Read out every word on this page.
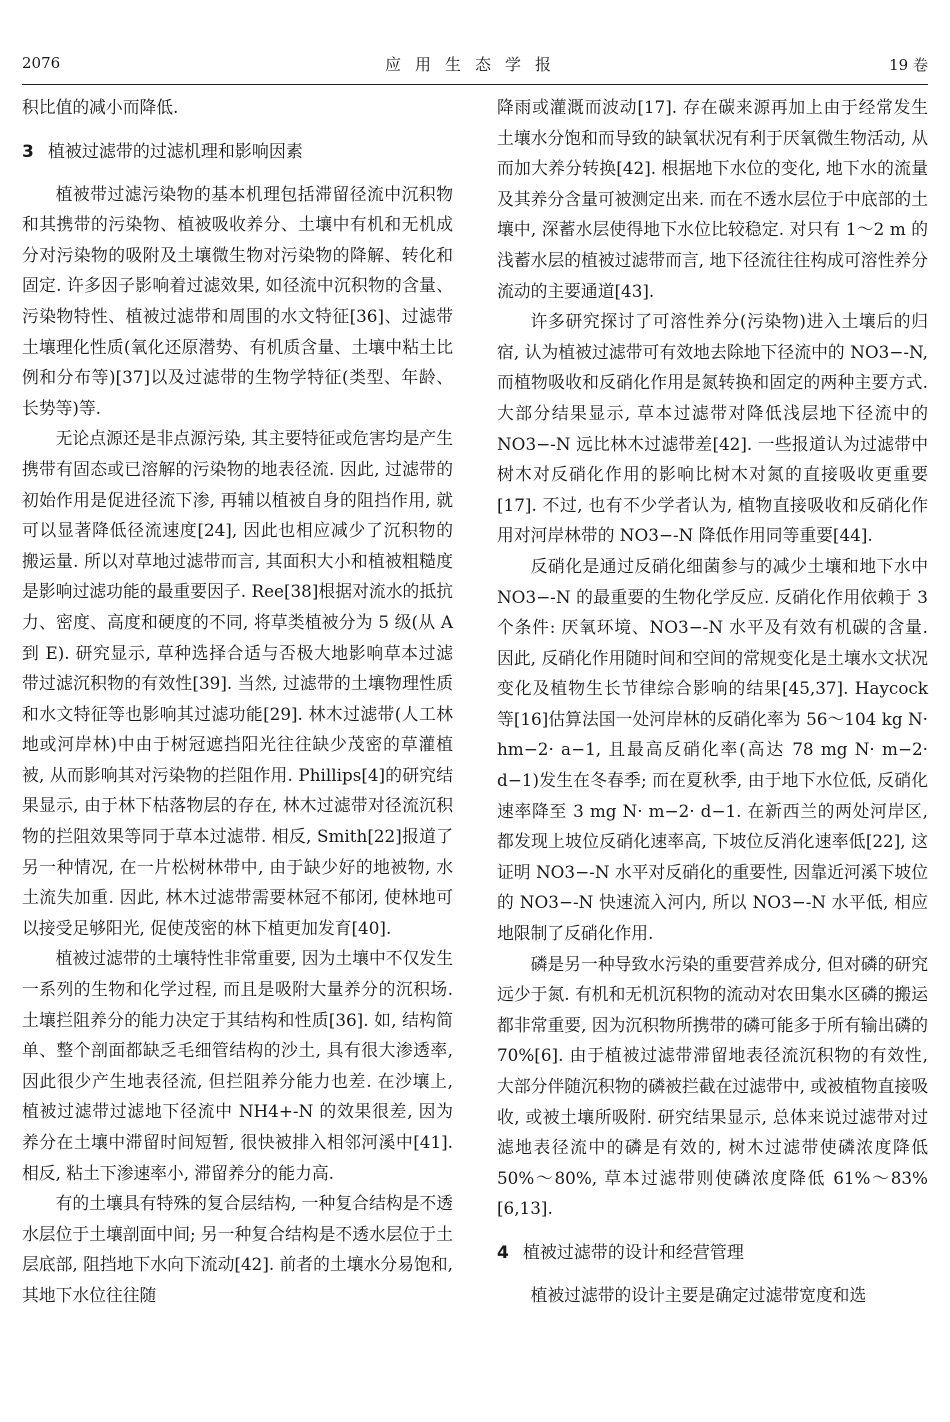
2076	应用生态学报	19 卷

积比值的减小而降低.

3 植被过滤带的过滤机理和影响因素

植被带过滤污染物的基本机理包括滞留径流中沉积物和其携带的污染物、植被吸收养分、土壤中有机和无机成分对污染物的吸附及土壤微生物对污染物的降解、转化和固定. 许多因子影响着过滤效果, 如径流中沉积物的含量、污染物特性、植被过滤带和周围的水文特征[36]、过滤带土壤理化性质(氧化还原潜势、有机质含量、土壤中粘土比例和分布等)[37]以及过滤带的生物学特征(类型、年龄、长势等)等.

无论点源还是非点源污染, 其主要特征或危害均是产生携带有固态或已溶解的污染物的地表径流. 因此, 过滤带的初始作用是促进径流下渗, 再辅以植被自身的阻挡作用, 就可以显著降低径流速度[24], 因此也相应减少了沉积物的搬运量. 所以对草地过滤带而言, 其面积大小和植被粗糙度是影响过滤功能的最重要因子. Ree[38]根据对流水的抵抗力、密度、高度和硬度的不同, 将草类植被分为 5 级(从 A 到 E). 研究显示, 草种选择合适与否极大地影响草本过滤带过滤沉积物的有效性[39]. 当然, 过滤带的土壤物理性质和水文特征等也影响其过滤功能[29]. 林木过滤带(人工林地或河岸林)中由于树冠遮挡阳光往往缺少茂密的草灌植被, 从而影响其对污染物的拦阻作用. Phillips[4]的研究结果显示, 由于林下枯落物层的存在, 林木过滤带对径流沉积物的拦阻效果等同于草本过滤带. 相反, Smith[22]报道了另一种情况, 在一片松树林带中, 由于缺少好的地被物, 水土流失加重. 因此, 林木过滤带需要林冠不郁闭, 使林地可以接受足够阳光, 促使茂密的林下植更加发育[40].

植被过滤带的土壤特性非常重要, 因为土壤中不仅发生一系列的生物和化学过程, 而且是吸附大量养分的沉积场. 土壤拦阻养分的能力决定于其结构和性质[36]. 如, 结构简单、整个剖面都缺乏毛细管结构的沙土, 具有很大渗透率, 因此很少产生地表径流, 但拦阻养分能力也差. 在沙壤上, 植被过滤带过滤地下径流中 NH4+-N 的效果很差, 因为养分在土壤中滞留时间短暂, 很快被排入相邻河溪中[41]. 相反, 粘土下渗速率小, 滞留养分的能力高.

有的土壤具有特殊的复合层结构, 一种复合结构是不透水层位于土壤剖面中间; 另一种复合结构是不透水层位于土层底部, 阻挡地下水向下流动[42]. 前者的土壤水分易饱和, 其地下水位往往随

降雨或灌溉而波动[17]. 存在碳来源再加上由于经常发生土壤水分饱和而导致的缺氧状况有利于厌氧微生物活动, 从而加大养分转换[42]. 根据地下水位的变化, 地下水的流量及其养分含量可被测定出来. 而在不透水层位于中底部的土壤中, 深蓄水层使得地下水位比较稳定. 对只有 1～2 m 的浅蓄水层的植被过滤带而言, 地下径流往往构成可溶性养分流动的主要通道[43].

许多研究探讨了可溶性养分(污染物)进入土壤后的归宿, 认为植被过滤带可有效地去除地下径流中的 NO3−-N, 而植物吸收和反硝化作用是氮转换和固定的两种主要方式. 大部分结果显示, 草本过滤带对降低浅层地下径流中的 NO3−-N 远比林木过滤带差[42]. 一些报道认为过滤带中树木对反硝化作用的影响比树木对氮的直接吸收更重要[17]. 不过, 也有不少学者认为, 植物直接吸收和反硝化作用对河岸林带的 NO3−-N 降低作用同等重要[44].

反硝化是通过反硝化细菌参与的减少土壤和地下水中 NO3−-N 的最重要的生物化学反应. 反硝化作用依赖于 3 个条件: 厌氧环境、NO3−-N 水平及有效有机碳的含量. 因此, 反硝化作用随时间和空间的常规变化是土壤水文状况变化及植物生长节律综合影响的结果[45,37]. Haycock 等[16]估算法国一处河岸林的反硝化率为 56～104 kg N· hm−2· a−1, 且最高反硝化率(高达 78 mg N· m−2· d−1)发生在冬春季; 而在夏秋季, 由于地下水位低, 反硝化速率降至 3 mg N· m−2· d−1. 在新西兰的两处河岸区, 都发现上坡位反硝化速率高, 下坡位反消化速率低[22], 这证明 NO3−-N 水平对反硝化的重要性, 因靠近河溪下坡位的 NO3−-N 快速流入河内, 所以 NO3−-N 水平低, 相应地限制了反硝化作用.

磷是另一种导致水污染的重要营养成分, 但对磷的研究远少于氮. 有机和无机沉积物的流动对农田集水区磷的搬运都非常重要, 因为沉积物所携带的磷可能多于所有输出磷的 70%[6]. 由于植被过滤带滞留地表径流沉积物的有效性, 大部分伴随沉积物的磷被拦截在过滤带中, 或被植物直接吸收, 或被土壤所吸附. 研究结果显示, 总体来说过滤带对过滤地表径流中的磷是有效的, 树木过滤带使磷浓度降低 50%～80%, 草本过滤带则使磷浓度降低 61%～83%[6,13].

4 植被过滤带的设计和经营管理

植被过滤带的设计主要是确定过滤带宽度和选
